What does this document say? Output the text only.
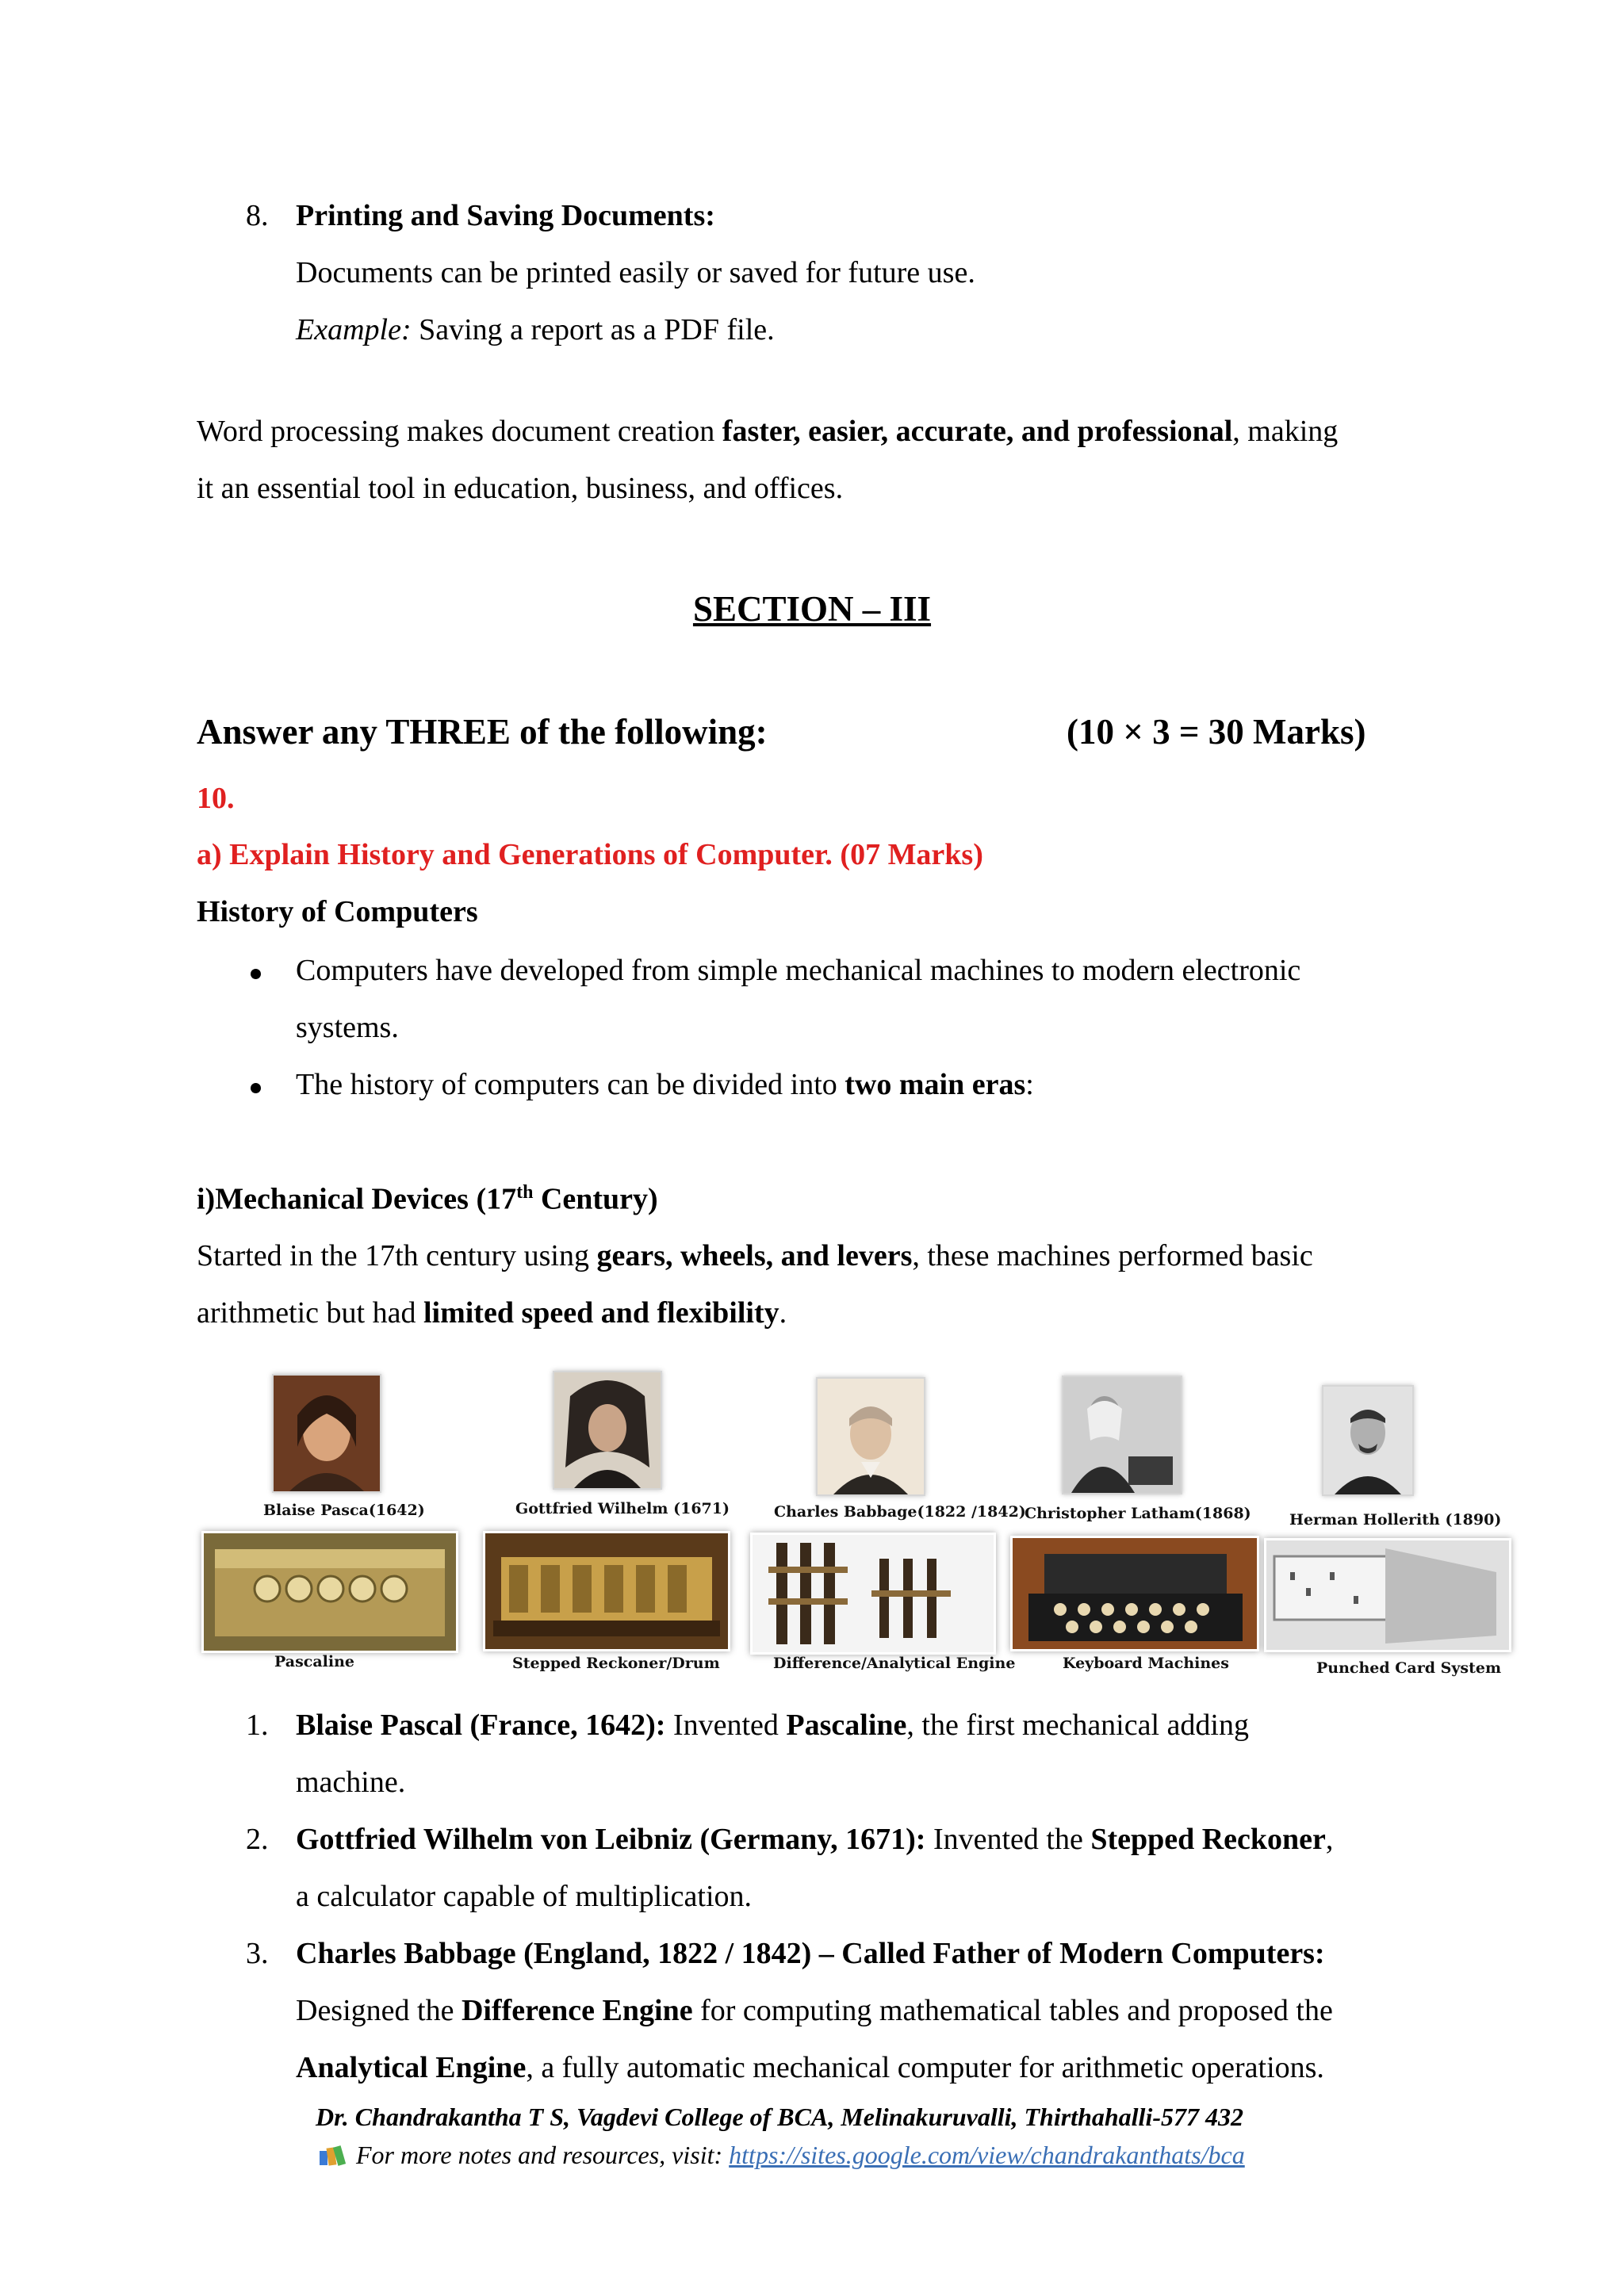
8. Printing and Saving Documents:
Documents can be printed easily or saved for future use.
Example: Saving a report as a PDF file.
Word processing makes document creation faster, easier, accurate, and professional, making
it an essential tool in education, business, and offices.
SECTION – III
Answer any THREE of the following:	(10 × 3 = 30 Marks)
10.
a) Explain History and Generations of Computer. (07 Marks)
History of Computers
Computers have developed from simple mechanical machines to modern electronic
systems.
The history of computers can be divided into two main eras:
i)Mechanical Devices (17th Century)
Started in the 17th century using gears, wheels, and levers, these machines performed basic
arithmetic but had limited speed and flexibility.
Blaise Pasca(1642)	Gottfried Wilhelm (1671)	Charles Babbage(1822 /1842)
Christopher Latham(1868)	Herman Hollerith (1890)
Pascaline	Stepped Reckoner/Drum	Difference/Analytical Engine	Keyboard Machines	Punched Card System
1. Blaise Pascal (France, 1642): Invented Pascaline, the first mechanical adding
machine.
2. Gottfried Wilhelm von Leibniz (Germany, 1671): Invented the Stepped Reckoner,
a calculator capable of multiplication.
3. Charles Babbage (England, 1822 / 1842) – Called Father of Modern Computers:
Designed the Difference Engine for computing mathematical tables and proposed the
Analytical Engine, a fully automatic mechanical computer for arithmetic operations.
Dr. Chandrakantha T S, Vagdevi College of BCA, Melinakuruvalli, Thirthahalli-577 432
For more notes and resources, visit: https://sites.google.com/view/chandrakanthats/bca
